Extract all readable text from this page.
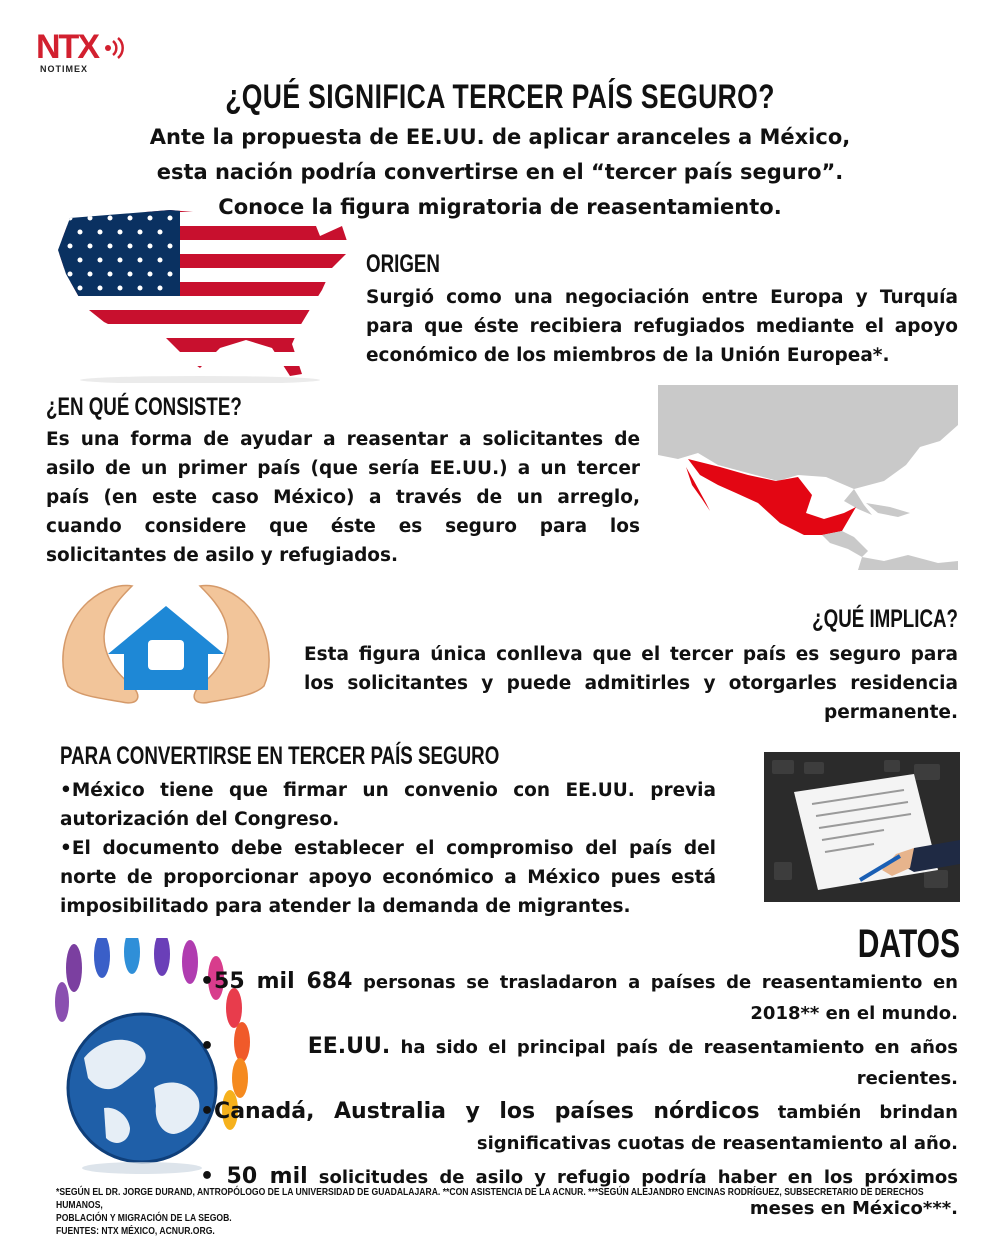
NTX
NOTIMEX
¿QUÉ SIGNIFICA TERCER PAÍS SEGURO?
Ante la propuesta de EE.UU. de aplicar aranceles a México, esta nación podría convertirse en el “tercer país seguro”. Conoce la figura migratoria de reasentamiento.
ORIGEN
Surgió como una negociación entre Europa y Turquía para que éste recibiera refugiados mediante el apoyo económico de los miembros de la Unión Europea*.
¿EN QUÉ CONSISTE?
Es una forma de ayudar a reasentar a solicitantes de asilo de un primer país (que sería EE.UU.) a un tercer país (en este caso México) a través de un arreglo, cuando considere que éste es seguro para los solicitantes de asilo y refugiados.
¿QUÉ IMPLICA?
Esta figura única conlleva que el tercer país es seguro para los solicitantes y puede admitirles y otorgarles residencia permanente.
PARA CONVERTIRSE EN TERCER PAÍS SEGURO
•México tiene que firmar un convenio con EE.UU. previa autorización del Congreso.
•El documento debe establecer el compromiso del país del norte de proporcionar apoyo económico a México pues está imposibilitado para atender la demanda de migrantes.
DATOS
•55 mil 684 personas se trasladaron a países de reasentamiento en 2018** en el mundo.
•        EE.UU. ha sido el principal país de reasentamiento en años recientes.
•Canadá, Australia y los países nórdicos también brindan significativas cuotas de reasentamiento al año.
• 50 mil solicitudes de asilo y refugio podría haber en los próximos meses en México***.
*SEGÚN EL DR. JORGE DURAND, ANTROPÓLOGO DE LA UNIVERSIDAD DE GUADALAJARA. **CON ASISTENCIA DE LA ACNUR. ***SEGÚN ALEJANDRO ENCINAS RODRÍGUEZ, SUBSECRETARIO DE DERECHOS HUMANOS,
POBLACIÓN Y MIGRACIÓN DE LA SEGOB.
FUENTES: NTX MÉXICO, ACNUR.ORG.
